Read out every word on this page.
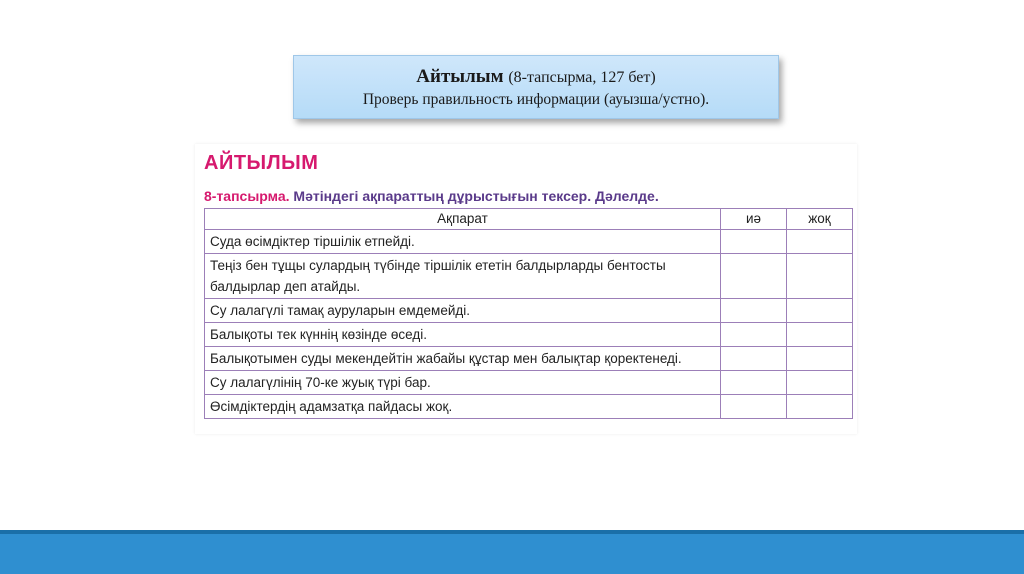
Айтылым (8-тапсырма, 127 бет)
Проверь правильность информации (ауызша/устно).
АЙТЫЛЫМ
8-тапсырма. Мәтіндегі ақпараттың дұрыстығын тексер. Дәлелде.
Ақпарат	иә	жоқ
Суда өсімдіктер тіршілік етпейді.		
Теңіз бен тұщы сулардың түбінде тіршілік ететін балдырларды бентосты балдырлар деп атайды.		
Су лалагүлі тамақ ауруларын емдемейді.		
Балықоты тек күннің көзінде өседі.		
Балықотымен суды мекендейтін жабайы құстар мен балықтар қоректенеді.		
Су лалагүлінің 70-ке жуық түрі бар.		
Өсімдіктердің адамзатқа пайдасы жоқ.		
